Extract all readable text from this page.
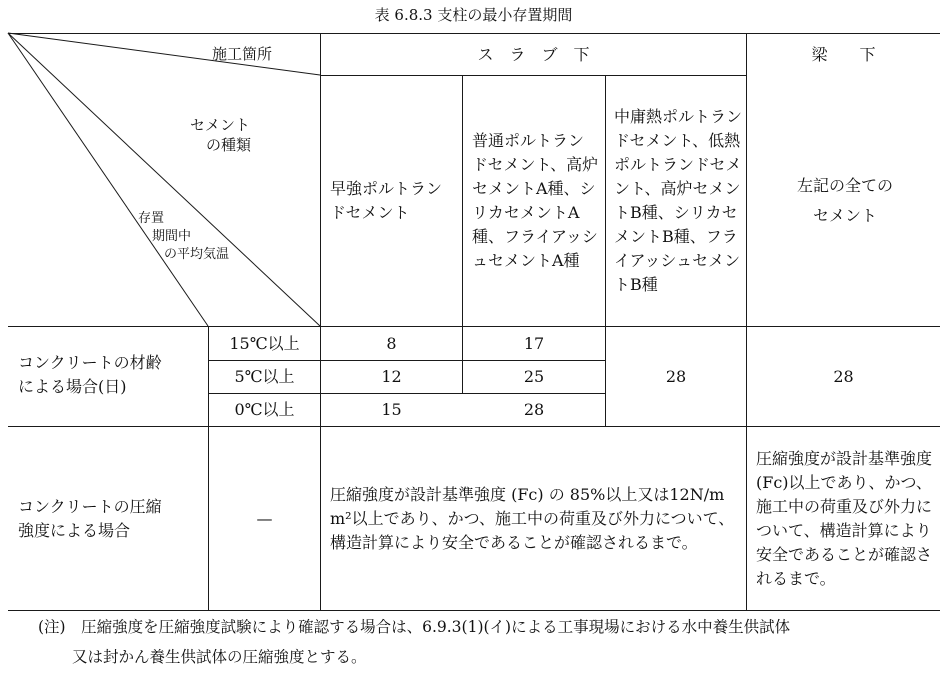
表 6.8.3 支柱の最小存置期間
施工箇所
セメント
の種類
存置
期間中
の平均気温
ス　ラ　ブ　下	梁　　下
早強ポルトランドセメント
普通ポルトランドセメント、高炉セメントA種、シリカセメントA種、フライアッシュセメントA種
中庸熱ポルトランドセメント、低熱ポルトランドセメント、高炉セメントB種、シリカセメントB種、フライアッシュセメントB種
左記の全てのセメント
コンクリートの材齢
による場合(日)
15℃以上
5℃以上
0℃以上
8
12
15
17
25
28
28	28
コンクリートの圧縮
強度による場合
—
圧縮強度が設計基準強度 (Fc) の 85%以上又は12N/mm²以上であり、かつ、施工中の荷重及び外力について、構造計算により安全であることが確認されるまで。
圧縮強度が設計基準強度(Fc)以上であり、かつ、施工中の荷重及び外力について、構造計算により安全であることが確認されるまで。
(注)　圧縮強度を圧縮強度試験により確認する場合は、6.9.3(1)(イ)による工事現場における水中養生供試体
又は封かん養生供試体の圧縮強度とする。
